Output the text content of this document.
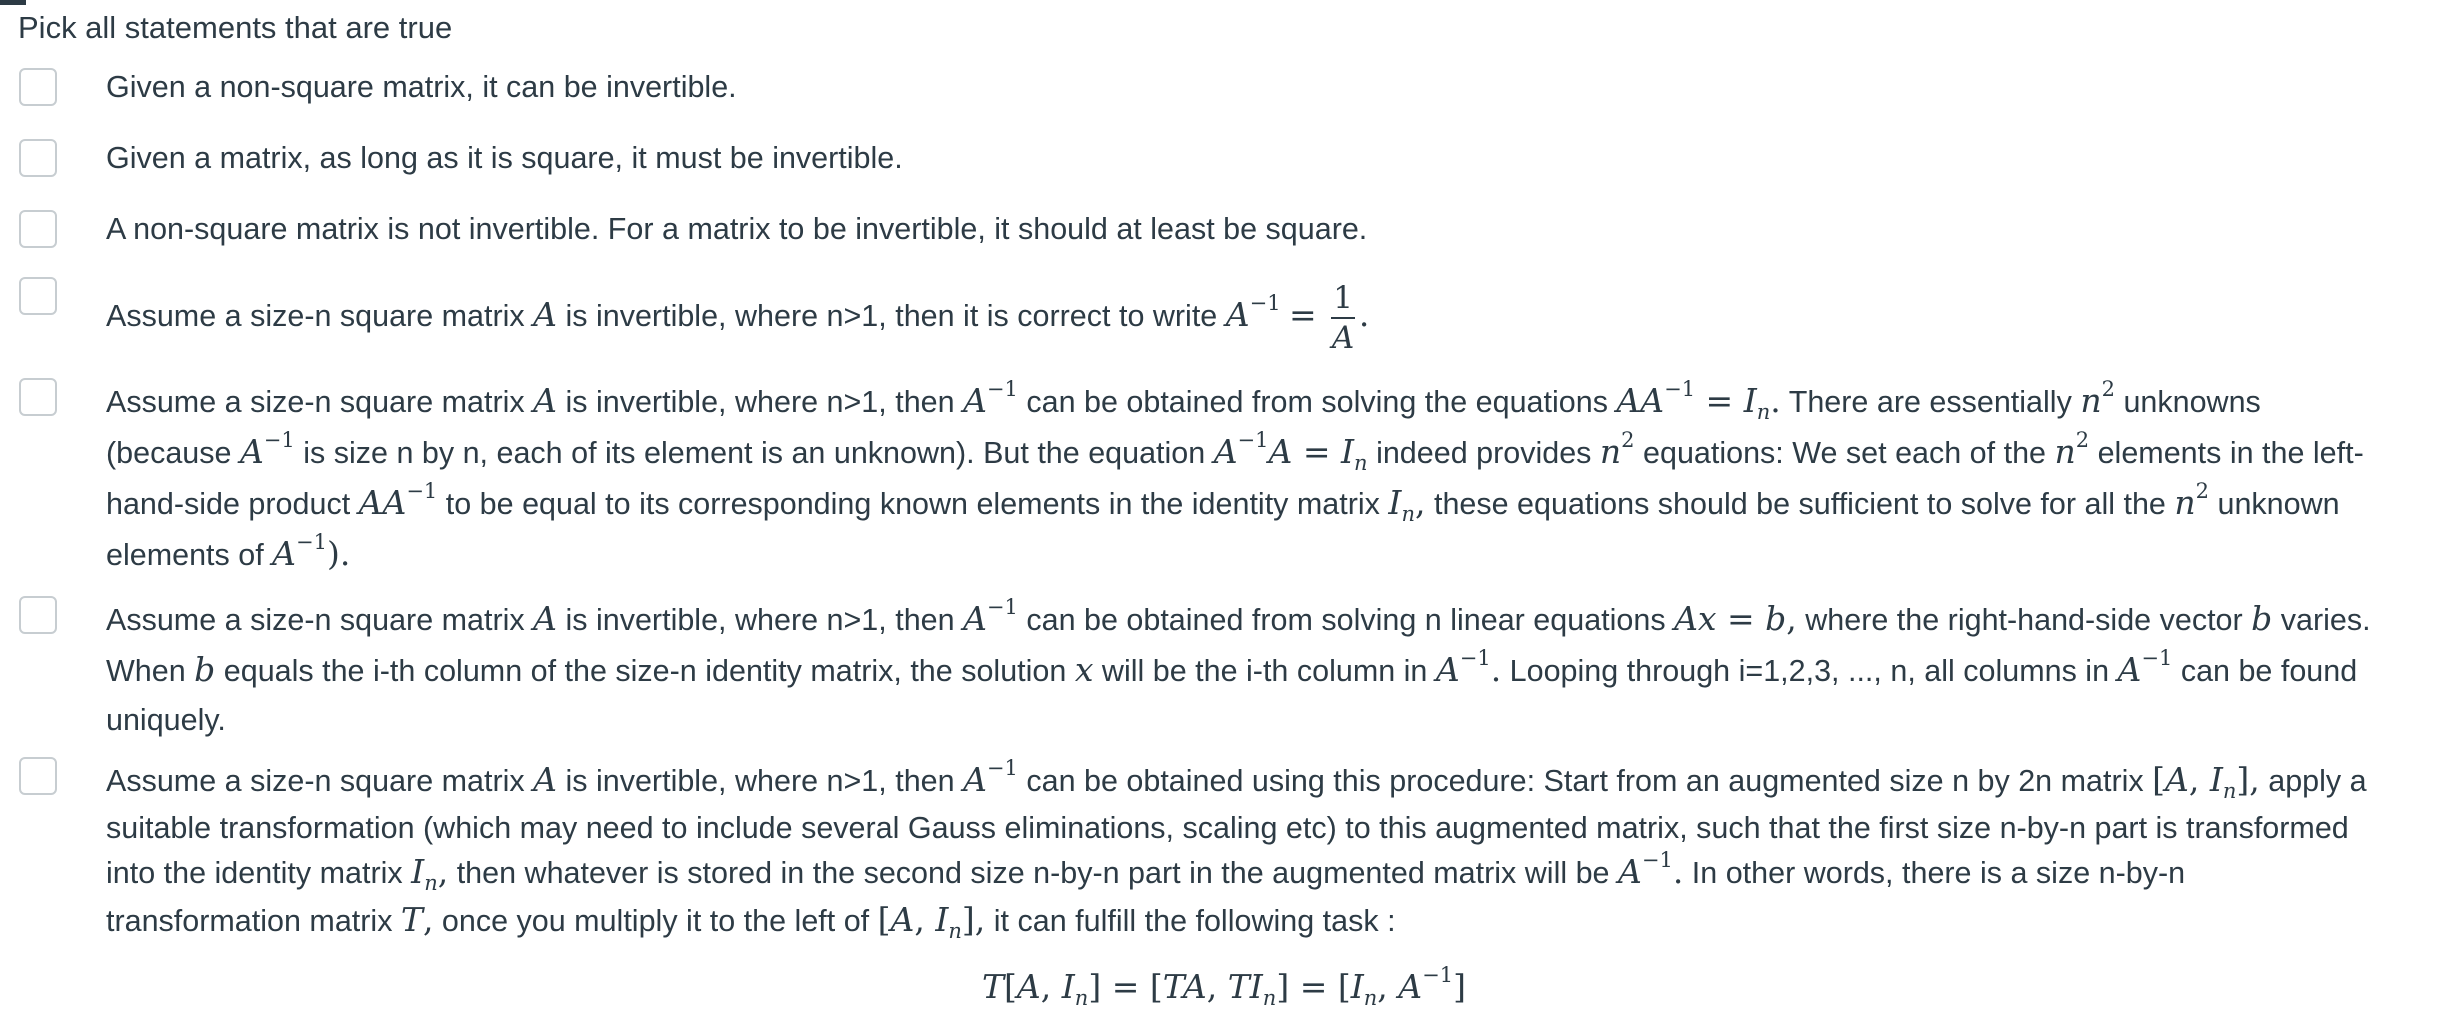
Pick all statements that are true
Given a non-square matrix, it can be invertible.
Given a matrix, as long as it is square, it must be invertible.
A non-square matrix is not invertible. For a matrix to be invertible, it should at least be square.
Assume a size-n square matrix A is invertible, where n>1, then it is correct to write $A^{-1} = \frac{1}{A}$ .
Assume a size-n square matrix A is invertible, where n>1, then $A^{-1}$ can be obtained from solving the equations $AA^{-1} = I_n$. There are essentially $n^2$ unknowns
(because $A^{-1}$ is size n by n, each of its element is an unknown). But the equation $A^{-1}A = I_n$ indeed provides $n^2$ equations: We set each of the $n^2$ elements in the left-
hand-side product $AA^{-1}$ to be equal to its corresponding known elements in the identity matrix $I_n$, these equations should be sufficient to solve for all the $n^2$ unknown
elements of $A^{-1}$).
Assume a size-n square matrix A is invertible, where n>1, then $A^{-1}$ can be obtained from solving n linear equations Ax = b, where the right-hand-side vector b varies.
When b equals the i-th column of the size-n identity matrix, the solution x will be the i-th column in $A^{-1}$. Looping through i=1,2,3, ..., n, all columns in $A^{-1}$ can be found
uniquely.
Assume a size-n square matrix A is invertible, where n>1, then $A^{-1}$ can be obtained using this procedure: Start from an augmented size n by 2n matrix [A, $I_n$], apply a
suitable transformation (which may need to include several Gauss eliminations, scaling etc) to this augmented matrix, such that the first size n-by-n part is transformed
into the identity matrix $I_n$, then whatever is stored in the second size n-by-n part in the augmented matrix will be $A^{-1}$. In other words, there is a size n-by-n
transformation matrix T, once you multiply it to the left of [A, $I_n$], it can fulfill the following task :
T[A, $I_n] = [TA$, $TI_n] = [I_n$, $A^{-1}$]
